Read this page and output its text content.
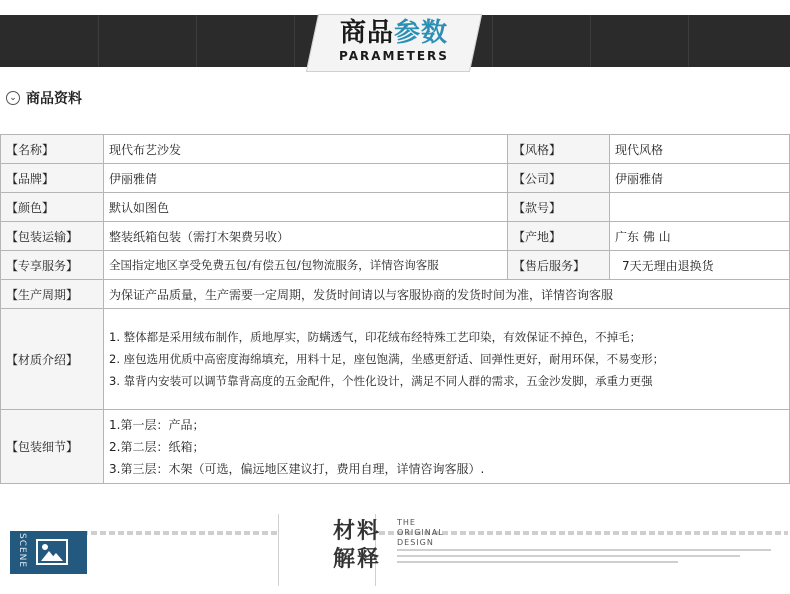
商品参数
PARAMETERS
⌄ 商品资料
【名称】	现代布艺沙发	【风格】	现代风格
【品牌】	伊丽雅倩	【公司】	伊丽雅倩
【颜色】	默认如图色	【款号】	
【包装运输】	整装纸箱包装（需打木架费另收）	【产地】	广东 佛 山
【专享服务】	全国指定地区享受免费五包/有偿五包/包物流服务，详情咨询客服	【售后服务】	7天无理由退换货
【生产周期】	为保证产品质量，生产需要一定周期，发货时间请以与客服协商的发货时间为准，详情咨询客服		
【材质介绍】	1. 整体都是采用绒布制作，质地厚实，防螨透气，印花绒布经特殊工艺印染，有效保证不掉色，不掉毛；
2. 座包选用优质中高密度海绵填充，用料十足，座包饱满，坐感更舒适、回弹性更好，耐用环保，不易变形；
3. 靠背内安装可以调节靠背高度的五金配件，个性化设计，满足不同人群的需求，五金沙发脚，承重力更强		

【包装细节】	1.第一层：产品；
2.第二层：纸箱；
3.第三层：木架（可选，偏远地区建议打，费用自理，详情咨询客服）.		
SCENE
材料
解释
THE
ORIGINAL
DESIGN
